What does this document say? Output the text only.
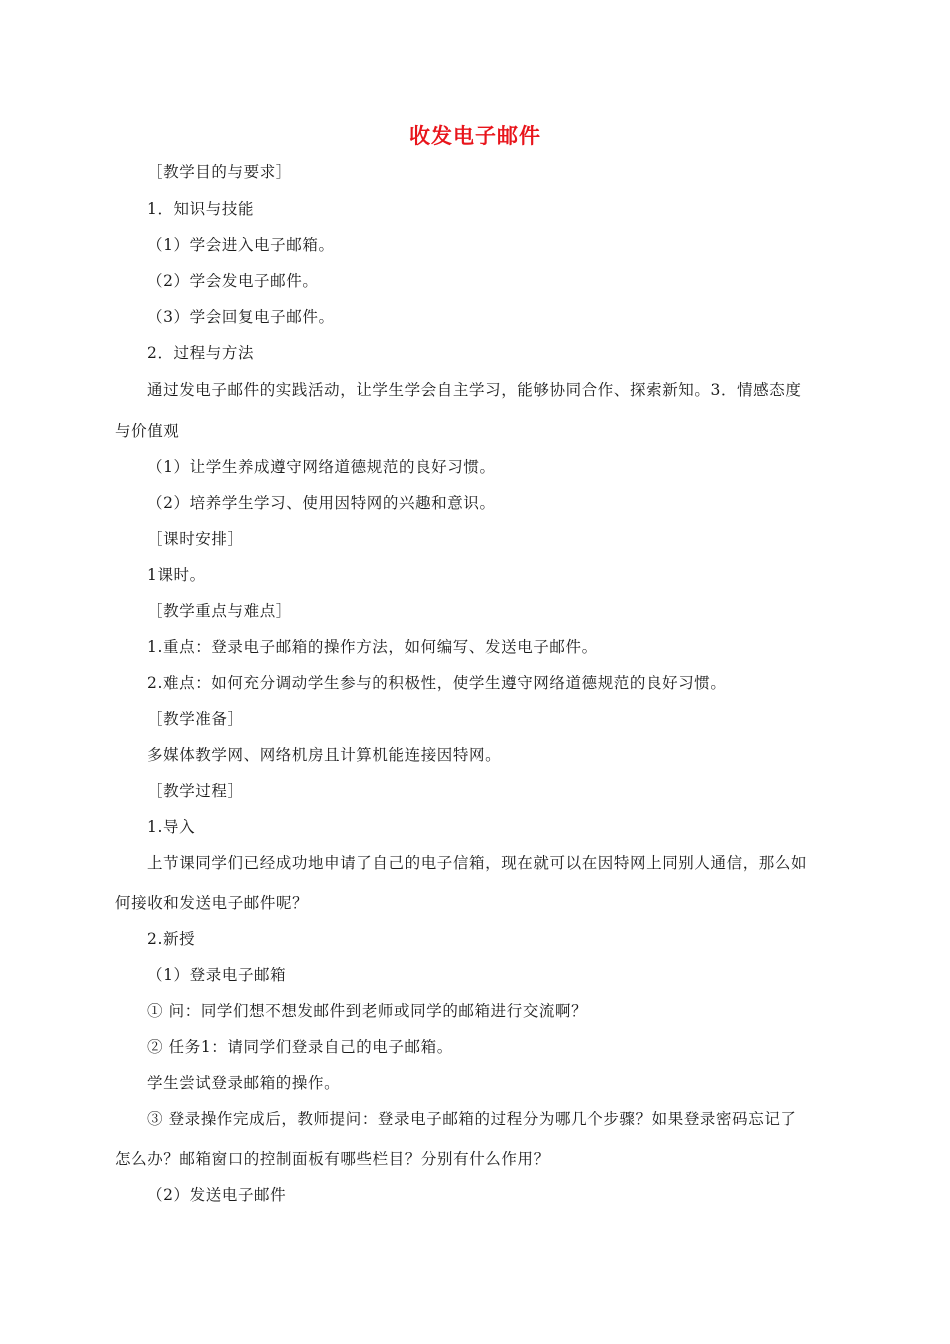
收发电子邮件
［教学目的与要求］
1．知识与技能
（1）学会进入电子邮箱。
（2）学会发电子邮件。
（3）学会回复电子邮件。
2．过程与方法
通过发电子邮件的实践活动，让学生学会自主学习，能够协同合作、探索新知。3．情感态度
与价值观
（1）让学生养成遵守网络道德规范的良好习惯。
（2）培养学生学习、使用因特网的兴趣和意识。
［课时安排］
1课时。
［教学重点与难点］
1.重点：登录电子邮箱的操作方法，如何编写、发送电子邮件。
2.难点：如何充分调动学生参与的积极性，使学生遵守网络道德规范的良好习惯。
［教学准备］
多媒体教学网、网络机房且计算机能连接因特网。
［教学过程］
1.导入
上节课同学们已经成功地申请了自己的电子信箱，现在就可以在因特网上同别人通信，那么如
何接收和发送电子邮件呢？
2.新授
（1）登录电子邮箱
① 问：同学们想不想发邮件到老师或同学的邮箱进行交流啊？
② 任务1：请同学们登录自己的电子邮箱。
学生尝试登录邮箱的操作。
③ 登录操作完成后，教师提问：登录电子邮箱的过程分为哪几个步骤？如果登录密码忘记了
怎么办？邮箱窗口的控制面板有哪些栏目？分别有什么作用？
（2）发送电子邮件
